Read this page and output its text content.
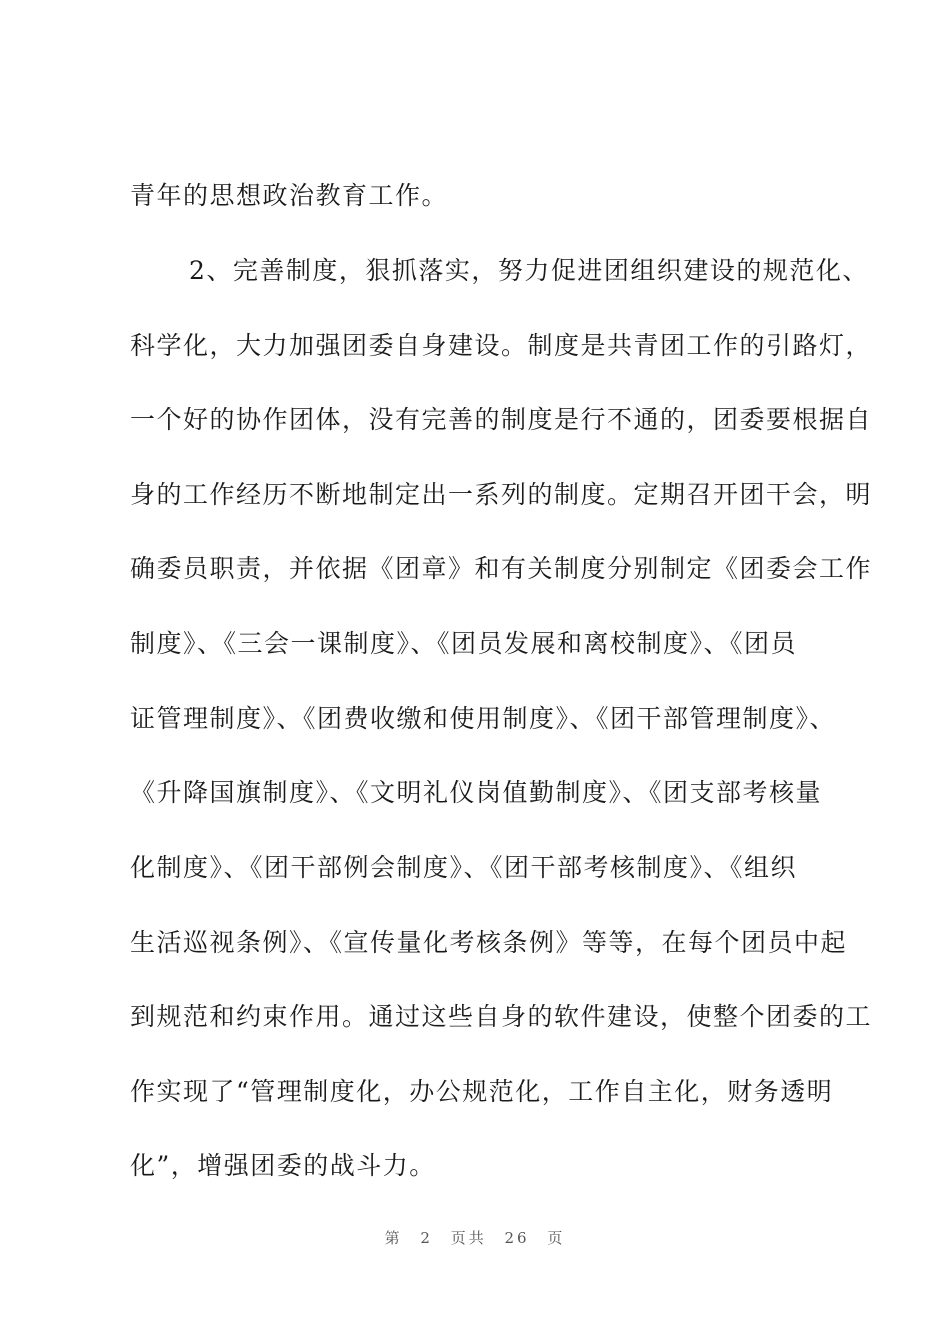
青年的思想政治教育工作。
2、完善制度，狠抓落实，努力促进团组织建设的规范化、
科学化，大力加强团委自身建设。制度是共青团工作的引路灯，
一个好的协作团体，没有完善的制度是行不通的，团委要根据自
身的工作经历不断地制定出一系列的制度。定期召开团干会，明
确委员职责，并依据《团章》和有关制度分别制定《团委会工作
制度》、《三会一课制度》、《团员发展和离校制度》、《团员
证管理制度》、《团费收缴和使用制度》、《团干部管理制度》、
《升降国旗制度》、《文明礼仪岗值勤制度》、《团支部考核量
化制度》、《团干部例会制度》、《团干部考核制度》、《组织
生活巡视条例》、《宣传量化考核条例》等等，在每个团员中起
到规范和约束作用。通过这些自身的软件建设，使整个团委的工
作实现了“管理制度化，办公规范化，工作自主化，财务透明
化”，增强团委的战斗力。
第 2 页共 26 页
